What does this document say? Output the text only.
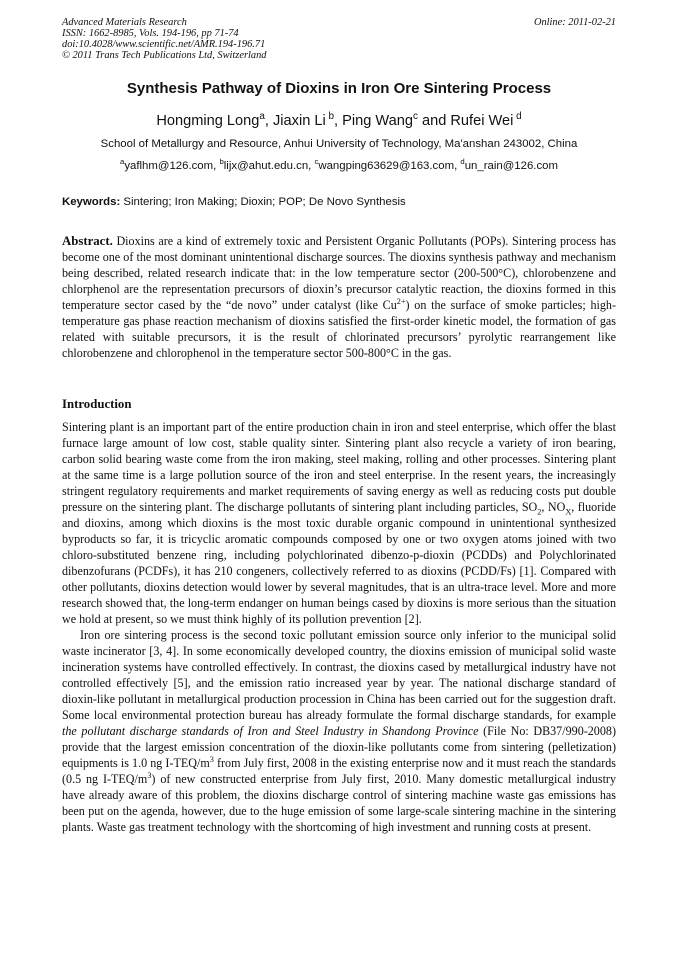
Advanced Materials Research
ISSN: 1662-8985, Vols. 194-196, pp 71-74
doi:10.4028/www.scientific.net/AMR.194-196.71
© 2011 Trans Tech Publications Ltd, Switzerland
Online: 2011-02-21
Synthesis Pathway of Dioxins in Iron Ore Sintering Process
Hongming Long$^a$, Jiaxin Li $^b$, Ping Wang$^c$ and Rufei Wei $^d$
School of Metallurgy and Resource, Anhui University of Technology, Ma'anshan 243002, China
$^a$yaflhm@126.com, $^b$lijx@ahut.edu.cn, $^c$wangping63629@163.com, $^d$un_rain@126.com
Keywords: Sintering; Iron Making; Dioxin; POP; De Novo Synthesis
Abstract. Dioxins are a kind of extremely toxic and Persistent Organic Pollutants (POPs). Sintering process has become one of the most dominant unintentional discharge sources. The dioxins synthesis pathway and mechanism being described, related research indicate that: in the low temperature sector (200-500°C), chlorobenzene and chlorphenol are the representation precursors of dioxin’s precursor catalytic reaction, the dioxins formed in this temperature sector cased by the “de novo” under catalyst (like $Cu^{2+}$) on the surface of smoke particles; high-temperature gas phase reaction mechanism of dioxins satisfied the first-order kinetic model, the formation of gas related with suitable precursors, it is the result of chlorinated precursors’ pyrolytic rearrangement like chlorobenzene and chlorophenol in the temperature sector 500-800°C in the gas.
Introduction

Sintering plant is an important part of the entire production chain in iron and steel enterprise, which offer the blast furnace large amount of low cost, stable quality sinter. Sintering plant also recycle a variety of iron bearing, carbon solid bearing waste come from the iron making, steel making, rolling and other processes. Sintering plant at the same time is a large pollution source of the iron and steel enterprise. In the resent years, the increasingly stringent regulatory requirements and market requirements of saving energy as well as reducing costs put double pressure on the sintering plant. The discharge pollutants of sintering plant including particles, $SO_2$, $NO_X$, fluoride and dioxins, among which dioxins is the most toxic durable organic compound in unintentional synthesized byproducts so far, it is tricyclic aromatic compounds composed by one or two oxygen atoms joined with two chloro-substituted benzene ring, including polychlorinated dibenzo-p-dioxin (PCDDs) and Polychlorinated dibenzofurans (PCDFs), it has 210 congeners, collectively referred to as dioxins (PCDD/Fs) [1]. Compared with other pollutants, dioxins detection would lower by several magnitudes, that is an ultra-trace level. More and more research showed that, the long-term endanger on human beings cased by dioxins is more serious than the situation we hold at present, so we must think highly of its pollution prevention [2].

Iron ore sintering process is the second toxic pollutant emission source only inferior to the municipal solid waste incinerator [3, 4]. In some economically developed country, the dioxins emission of municipal solid waste incineration systems have controlled effectively. In contrast, the dioxins cased by metallurgical industry have not controlled effectively [5], and the emission ratio increased year by year. The national discharge standard of dioxin-like pollutant in metallurgical production procession in China has been carried out for the suggestion draft. Some local environmental protection bureau has already formulate the formal discharge standards, for example the pollutant discharge standards of Iron and Steel Industry in Shandong Province (File No: DB37/990-2008) provide that the largest emission concentration of the dioxin-like pollutants come from sintering (pelletization) equipments is 1.0 ng $I-TEQ/m^3$ from July first, 2008 in the existing enterprise now and it must reach the standards (0.5 ng $I-TEQ/m^3$) of new constructed enterprise from July first, 2010. Many domestic metallurgical industry have already aware of this problem, the dioxins discharge control of sintering machine waste gas emissions has been put on the agenda, however, due to the huge emission of some large-scale sintering machine in the sintering plants. Waste gas treatment technology with the shortcoming of high investment and running costs at present.
